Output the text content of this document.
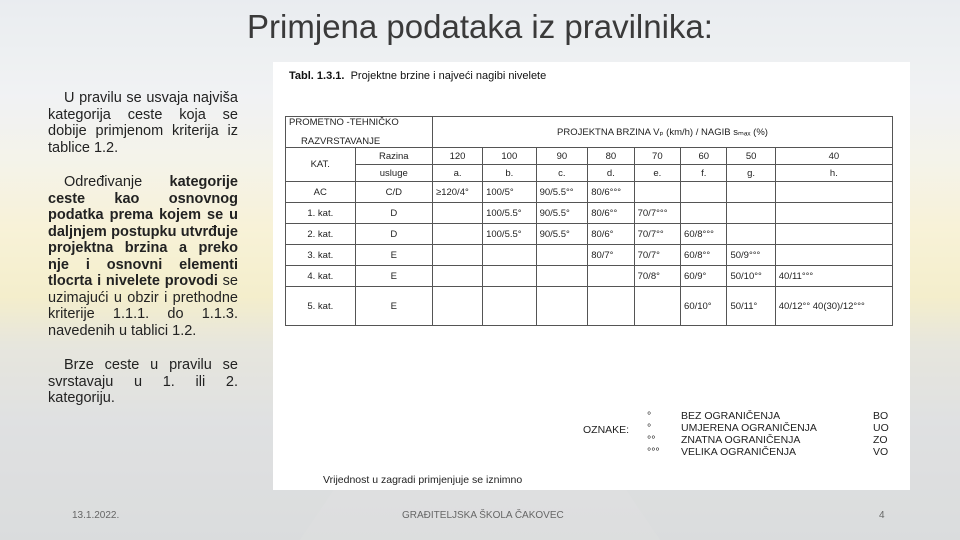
Primjena podataka iz pravilnika:

U pravilu se usvaja najviša kategorija ceste koja se dobije primjenom kriterija iz tablice 1.2.

Određivanje kategorije ceste kao osnovnog podatka prema kojem se u daljnjem postupku utvrđuje projektna brzina a preko nje i osnovni elementi tlocrta i nivelete provodi se uzimajući u obzir i prethodne kriterije 1.1.1. do 1.1.3. navedenih u tablici 1.2.

Brze ceste u pravilu se svrstavaju u 1. ili 2. kategoriju.

Tabl. 1.3.1. Projektne brzine i najveći nagibi nivelete
PROMETNO -TEHNIČKO
RAZVRSTAVANJE		PROJEKTNA BRZINA Vₚ (km/h) / NAGIB sₘₐₓ (%)							
KAT.	Razina	120	100	90	80	70	60	50	40
	usluge	a.	b.	c.	d.	e.	f.	g.	h.
AC	C/D	≥120/4°	100/5°	90/5.5°°	80/6°°°				
1. kat.	D		100/5.5°	90/5.5°	80/6°°	70/7°°°			
2. kat.	D		100/5.5°	90/5.5°	80/6°	70/7°°	60/8°°°		
3. kat.	E				80/7°	70/7°	60/8°°	50/9°°°	
4. kat.	E					70/8°	60/9°	50/10°°	40/11°°°
5. kat.	E						60/10°	50/11°	40/12°° 40(30)/12°°°
OZNAKE:
°	BEZ OGRANIČENJA	BO
°	UMJERENA OGRANIČENJA	UO
°° ZNATNA OGRANIČENJA	ZO
°°° VELIKA OGRANIČENJA	VO
Vrijednost u zagradi primjenjuje se iznimno
13.1.2022.	GRAĐITELJSKA ŠKOLA ČAKOVEC	4
